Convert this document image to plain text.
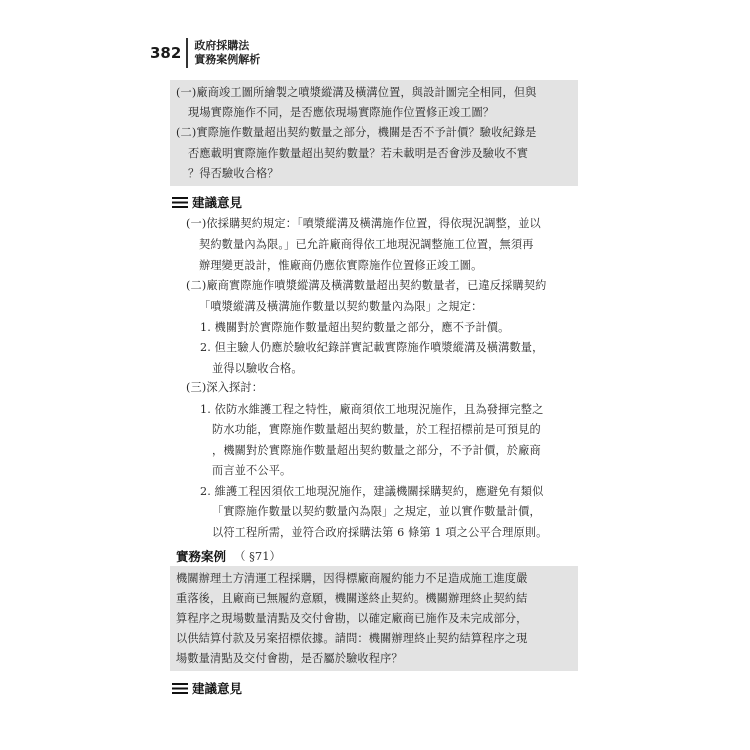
382 政府採購法
實務案例解析
(一)廠商竣工圖所繪製之噴漿縱溝及橫溝位置，與設計圖完全相同，但與
現場實際施作不同，是否應依現場實際施作位置修正竣工圖？
(二)實際施作數量超出契約數量之部分，機關是否不予計價？驗收紀錄是
否應載明實際施作數量超出契約數量？若未載明是否會涉及驗收不實
？得否驗收合格？
建議意見
(一)依採購契約規定：「噴漿縱溝及橫溝施作位置，得依現況調整，並以
契約數量內為限。」已允許廠商得依工地現況調整施工位置，無須再
辦理變更設計，惟廠商仍應依實際施作位置修正竣工圖。
(二)廠商實際施作噴漿縱溝及橫溝數量超出契約數量者，已違反採購契約
「噴漿縱溝及橫溝施作數量以契約數量內為限」之規定：
1. 機關對於實際施作數量超出契約數量之部分，應不予計價。
2. 但主驗人仍應於驗收紀錄詳實記載實際施作噴漿縱溝及橫溝數量，
並得以驗收合格。
(三)深入探討：
1. 依防水維護工程之特性，廠商須依工地現況施作，且為發揮完整之
防水功能，實際施作數量超出契約數量，於工程招標前是可預見的
，機關對於實際施作數量超出契約數量之部分，不予計價，於廠商
而言並不公平。
2. 維護工程因須依工地現況施作，建議機關採購契約，應避免有類似
「實際施作數量以契約數量內為限」之規定，並以實作數量計價，
以符工程所需，並符合政府採購法第 6 條第 1 項之公平合理原則。
實務案例 （ §71）
機關辦理土方清運工程採購，因得標廠商履約能力不足造成施工進度嚴
重落後，且廠商已無履約意願，機關遂終止契約。機關辦理終止契約結
算程序之現場數量清點及交付會勘，以確定廠商已施作及未完成部分，
以供結算付款及另案招標依據。請問：機關辦理終止契約結算程序之現
場數量清點及交付會勘，是否屬於驗收程序？
建議意見
